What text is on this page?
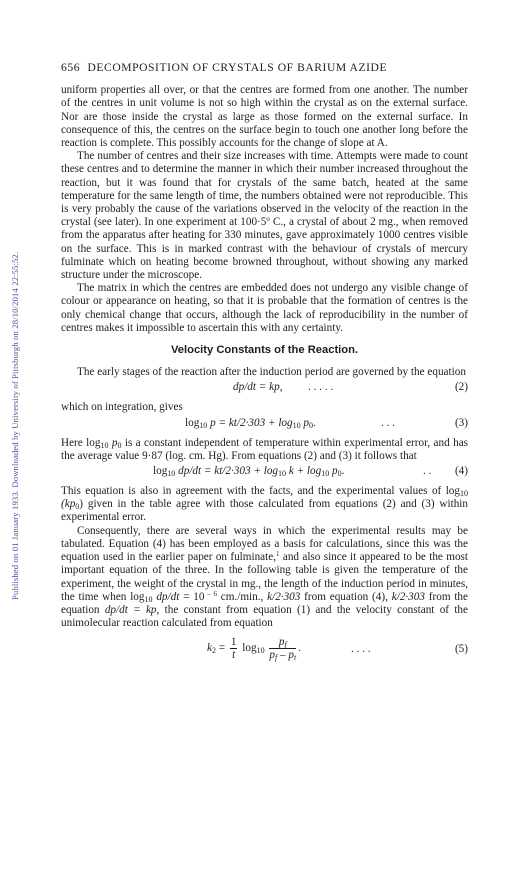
Published on 01 January 1933. Downloaded by University of Pittsburgh on 28/10/2014 22:55:52.
656 DECOMPOSITION OF CRYSTALS OF BARIUM AZIDE

uniform properties all over, or that the centres are formed from one another. The number of the centres in unit volume is not so high within the crystal as on the external surface. Nor are those inside the crystal as large as those formed on the external surface. In consequence of this, the centres on the surface begin to touch one another long before the reaction is complete. This possibly accounts for the change of slope at A.

The number of centres and their size increases with time. Attempts were made to count these centres and to determine the manner in which their number increased throughout the reaction, but it was found that for crystals of the same batch, heated at the same temperature for the same length of time, the numbers obtained were not reproducible. This is very probably the cause of the variations observed in the velocity of the reaction in the crystal (see later). In one experiment at $100\cdot 5^o$ C., a crystal of about 2 mg., when removed from the apparatus after heating for 330 minutes, gave approximately 1000 centres visible on the surface. This is in marked contrast with the behaviour of crystals of mercury fulminate which on heating become browned throughout, without showing any marked structure under the microscope.

The matrix in which the centres are embedded does not undergo any visible change of colour or appearance on heating, so that it is probable that the formation of centres is the only chemical change that occurs, although the lack of reproducibility in the number of centres makes it impossible to ascertain this with any certainty.

Velocity Constants of the Reaction.

The early stages of the reaction after the induction period are governed by the equation

dp/dt = kp, . . . . .	(2)

which on integration, gives

$\log_{10} p = kt/2\cdot 303 + \log_{10} p_0$.	. . .	(3)

Here $\log_{10} p_0$ is a constant independent of temperature within experimental error, and has the average value 9·87 (log. cm. Hg). From equations (2) and (3) it follows that

$\log_{10} dp/dt = kt/2\cdot 303 + \log_{10} k + \log_{10} p_0$.	. . (4)

This equation is also in agreement with the facts, and the experimental values of $\log_{10} (kp_0)$ given in the table agree with those calculated from equations (2) and (3) within experimental error.

Consequently, there are several ways in which the experimental results may be tabulated. Equation (4) has been employed as a basis for calculations, since this was the equation used in the earlier paper on fulminate,$^1$ and also since it appeared to be the most important equation of the three. In the following table is given the temperature of the experiment, the weight of the crystal in mg., the length of the induction period in minutes, the time when $\log_{10} dp/dt = 10$ $^{- 6}$ cm./min., k/2·303 from equation (4), k/2·303 from the equation dp/dt = kp, the constant from equation (1) and the velocity constant of the unimolecular reaction calculated from equation

$k_2 = \frac{1}{t} \log_{10} \frac{p_f}{p_f - p_t}$ .	. . . .	(5)
